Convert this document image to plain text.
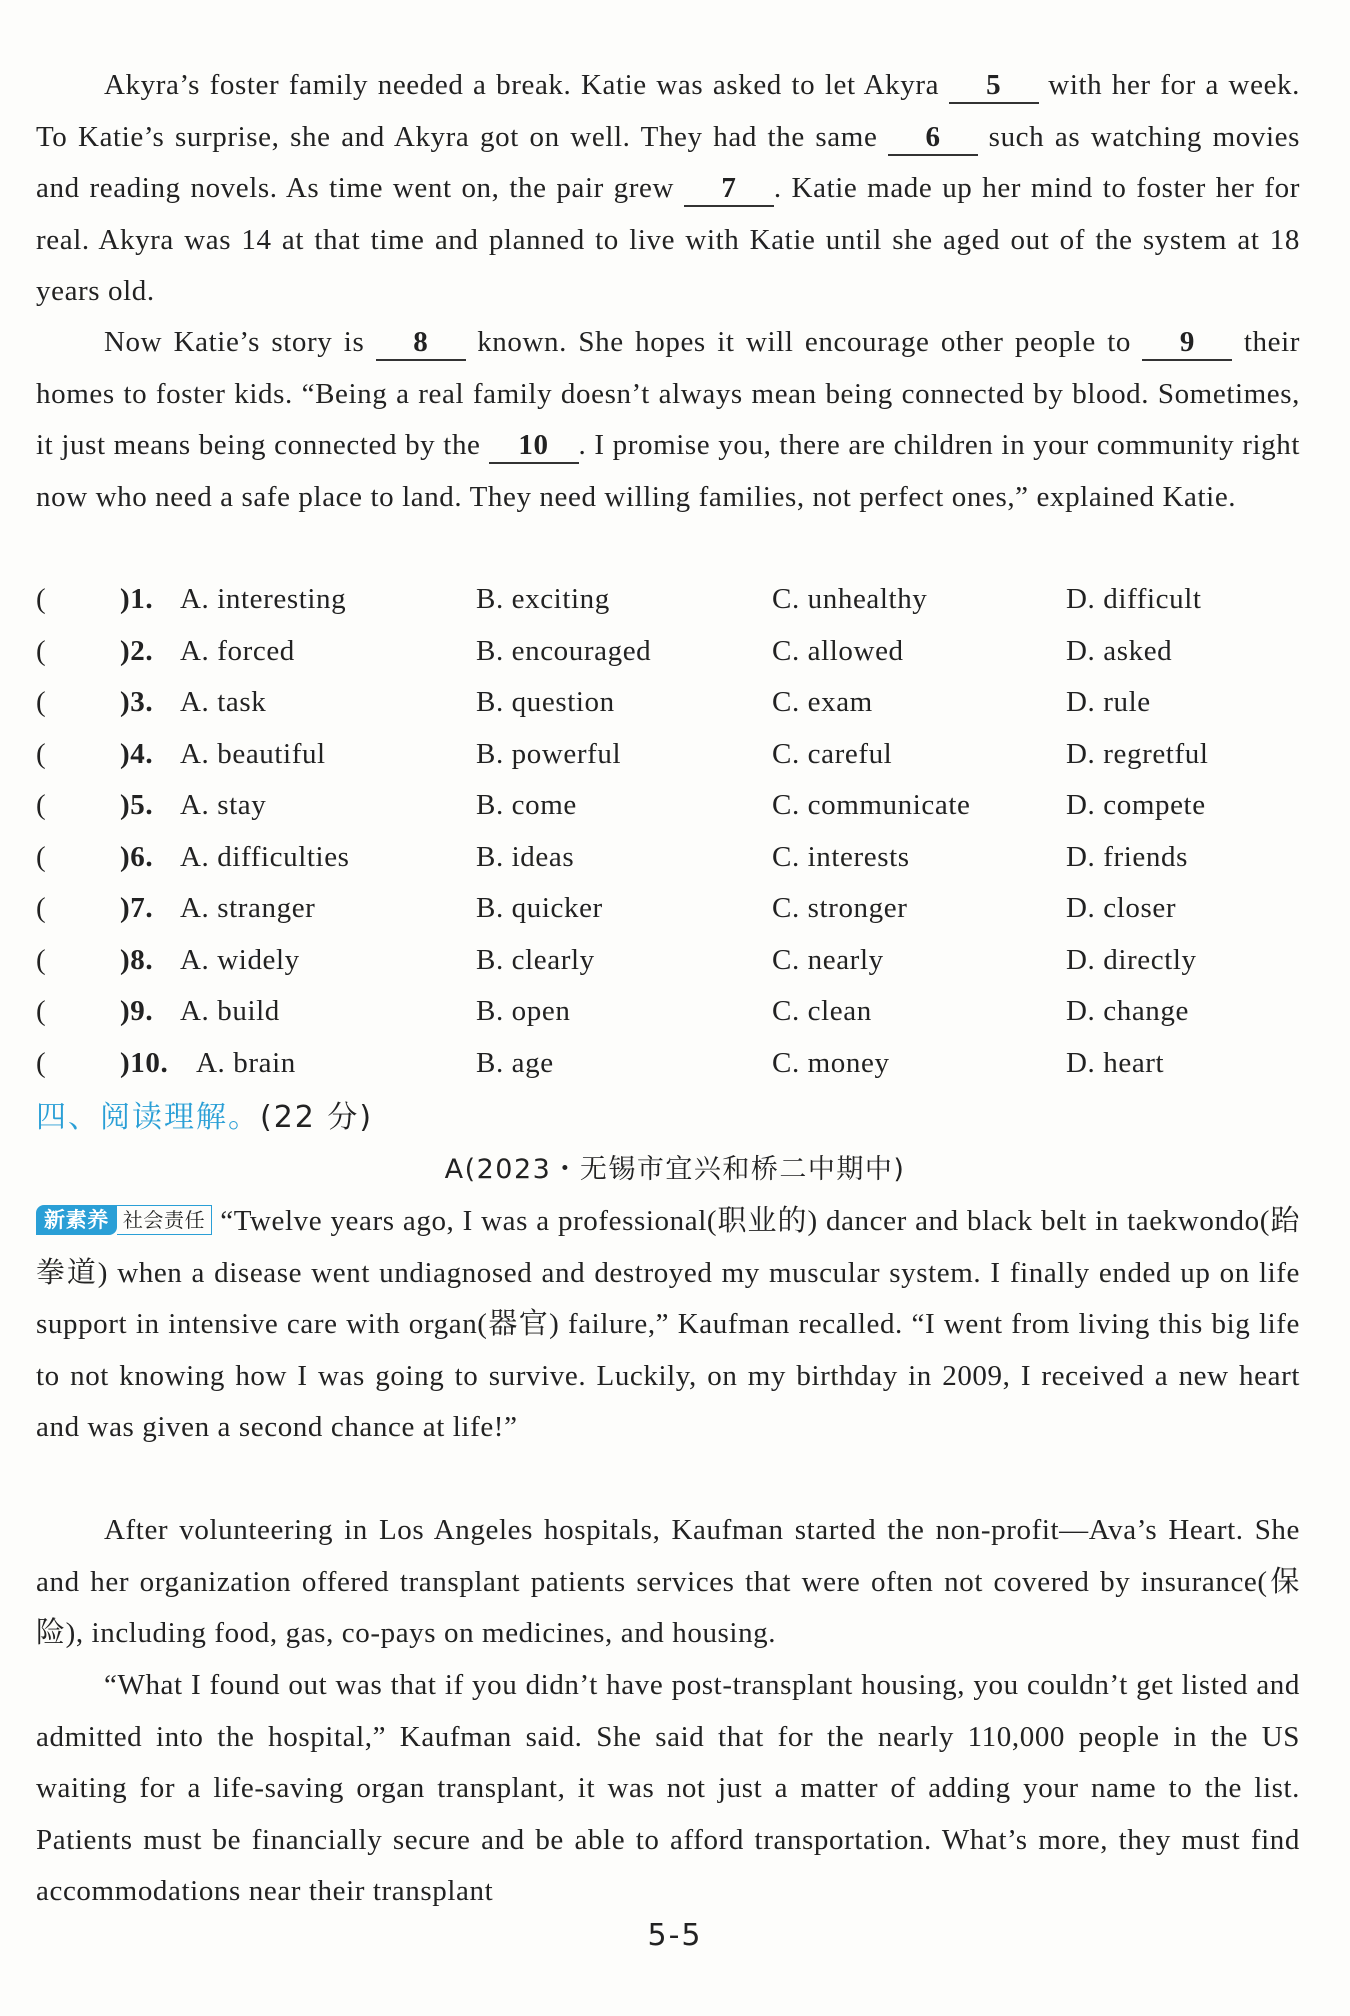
Akyra’s foster family needed a break. Katie was asked to let Akyra 5 with her for a week. To Katie’s surprise, she and Akyra got on well. They had the same 6 such as watching movies and reading novels. As time went on, the pair grew 7 . Katie made up her mind to foster her for real. Akyra was 14 at that time and planned to live with Katie until she aged out of the system at 18 years old.

Now Katie’s story is 8 known. She hopes it will encourage other people to 9 their homes to foster kids. “Being a real family doesn’t always mean being connected by blood. Sometimes, it just means being connected by the 10 . I promise you, there are children in your community right now who need a safe place to land. They need willing families, not perfect ones,” explained Katie.

(	)1. A. interesting	B. exciting	C. unhealthy	D. difficult
(	)2. A. forced	B. encouraged	C. allowed	D. asked
(	)3. A. task	B. question	C. exam	D. rule
(	)4. A. beautiful	B. powerful	C. careful	D. regretful
(	)5. A. stay	B. come	C. communicate	D. compete
(	)6. A. difficulties	B. ideas	C. interests	D. friends
(	)7. A. stranger	B. quicker	C. stronger	D. closer
(	)8. A. widely	B. clearly	C. nearly	D. directly
(	)9. A. build	B. open	C. clean	D. change
(	)10. A. brain	B. age	C. money	D. heart
四、阅读理解。(22 分)
A(2023・无锡市宜兴和桥二中期中)

新素养 社会责任 “Twelve years ago, I was a professional(职业的) dancer and black belt in taekwondo(跆拳道) when a disease went undiagnosed and destroyed my muscular system. I finally ended up on life support in intensive care with organ(器官) failure,” Kaufman recalled. “I went from living this big life to not knowing how I was going to survive. Luckily, on my birthday in 2009, I received a new heart and was given a second chance at life!”

After volunteering in Los Angeles hospitals, Kaufman started the non-profit—Ava’s Heart. She and her organization offered transplant patients services that were often not covered by insurance(保险), including food, gas, co-pays on medicines, and housing.

“What I found out was that if you didn’t have post-transplant housing, you couldn’t get listed and admitted into the hospital,” Kaufman said. She said that for the nearly 110,000 people in the US waiting for a life-saving organ transplant, it was not just a matter of adding your name to the list. Patients must be financially secure and be able to afford transportation. What’s more, they must find accommodations near their transplant

5-5
